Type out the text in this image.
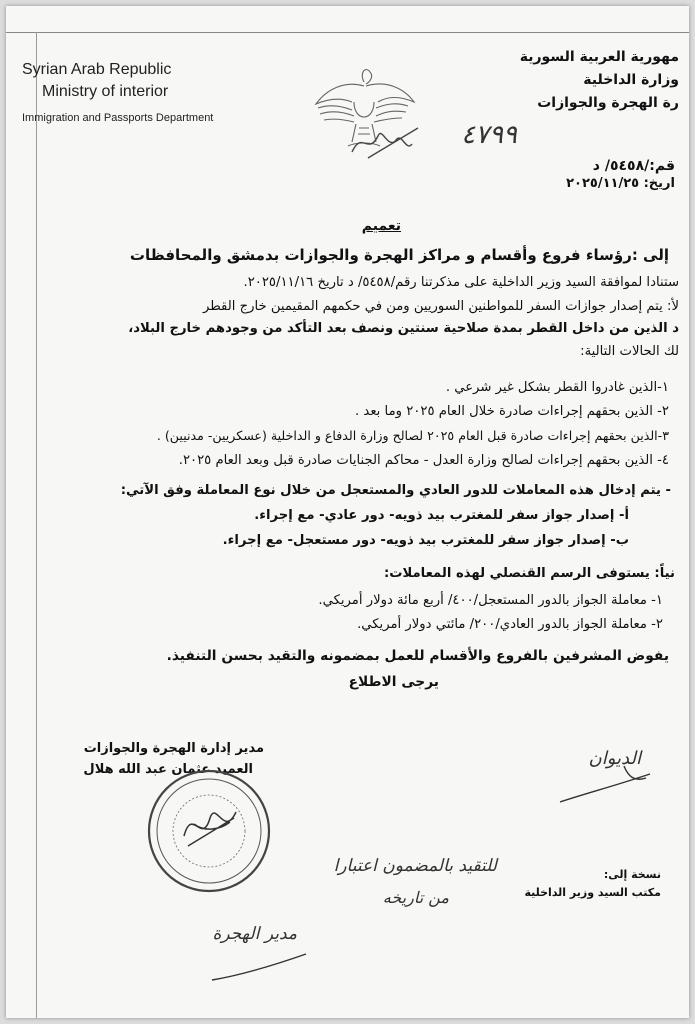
Syrian Arab Republic
Ministry of interior
Immigration and Passports Department
٤٧٩٩
مهورية العربية السورية
وزارة الداخلية
رة الهجرة والجوازات
قم:/٥٤٥٨/ د
اريخ: ٢٠٢٥/١١/٢٥
تعميم
إلى :رؤساء فروع وأقسام و مراكز الهجرة والجوازات بدمشق والمحافظات
ستنادا لموافقة السيد وزير الداخلية على مذكرتنا رقم/٥٤٥٨/ د تاريخ ٢٠٢٥/١١/١٦.
لأ: يتم إصدار جوازات السفر للمواطنين السوريين ومن في حكمهم المقيمين خارج القطر
د الذين من داخل القطر بمدة صلاحية سنتين ونصف بعد التأكد من وجودهم خارج البلاد،
لك الحالات التالية:
١-الذين غادروا القطر بشكل غير شرعي .
٢- الذين بحقهم إجراءات صادرة خلال العام ٢٠٢٥ وما بعد .
٣-الذين بحقهم إجراءات صادرة قبل العام ٢٠٢٥ لصالح وزارة الدفاع و الداخلية (عسكريين- مدنيين) .
٤- الذين بحقهم إجراءات لصالح وزارة العدل - محاكم الجنايات صادرة قبل وبعد العام ٢٠٢٥.
- يتم إدخال هذه المعاملات للدور العادي والمستعجل من خلال نوع المعاملة وفق الآتي:
أ- إصدار جواز سفر للمغترب بيد ذويه- دور عادي- مع إجراء.
ب- إصدار جواز سفر للمغترب بيد ذويه- دور مستعجل- مع إجراء.
نياً: يستوفى الرسم القنصلي لهذه المعاملات:
١- معاملة الجواز بالدور المستعجل/٤٠٠/ أربع مائة دولار أمريكي.
٢- معاملة الجواز بالدور العادي/٢٠٠/ مائتي دولار أمريكي.
يفوض المشرفين بالفروع والأقسام للعمل بمضمونه والتقيد بحسن التنفيذ.
يرجى الاطلاع
مدير إدارة الهجرة والجوازات
العميد عثمان عبد الله هلال
للتقيد بالمضمون اعتبارا
من تاريخه
الديوان
نسخة إلى:
مكتب السيد وزير الداخلية
مدير الهجرة
